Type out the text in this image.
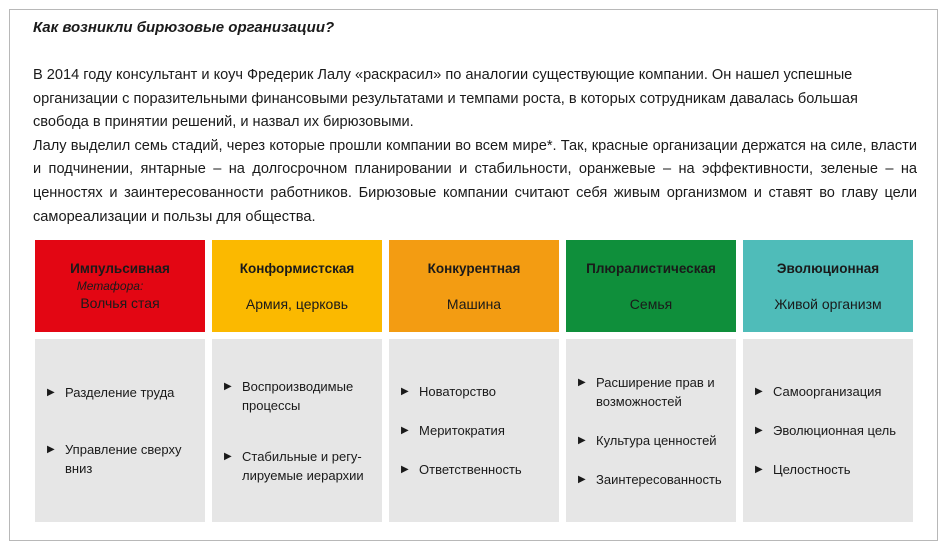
Как возникли бирюзовые организации?

В 2014 году консультант и коуч Фредерик Лалу «раскрасил» по аналогии существующие компании. Он нашел успешные организации с поразительными финансовыми результатами и темпами роста, в которых сотрудникам давалась большая свобода в принятии решений, и назвал их бирюзовыми.

Лалу выделил семь стадий, через которые прошли компании во всем мире*. Так, красные организации держатся на силе, власти и подчинении, янтарные – на долгосрочном планировании и стабильности, оранжевые – на эффективности, зеленые – на ценностях и заинтересованности работников. Бирюзовые компании считают себя живым организмом и ставят во главу цели самореализации и пользы для общества.

Импульсивная
Метафора:
Волчья стая
▶ Разделение труда
▶ Управление сверху вниз
Конформистская
Армия, церковь
▶ Воспроизводимые процессы
▶ Стабильные и регу-лируемые иерархии
Конкурентная
Машина
▶ Новаторство
▶ Меритократия
▶ Ответственность
Плюралистическая
Семья
▶ Расширение прав и возможностей
▶ Культура ценностей
▶ Заинтересованность
Эволюционная
Живой организм
▶ Самоорганизация
▶ Эволюционная цель
▶ Целостность
